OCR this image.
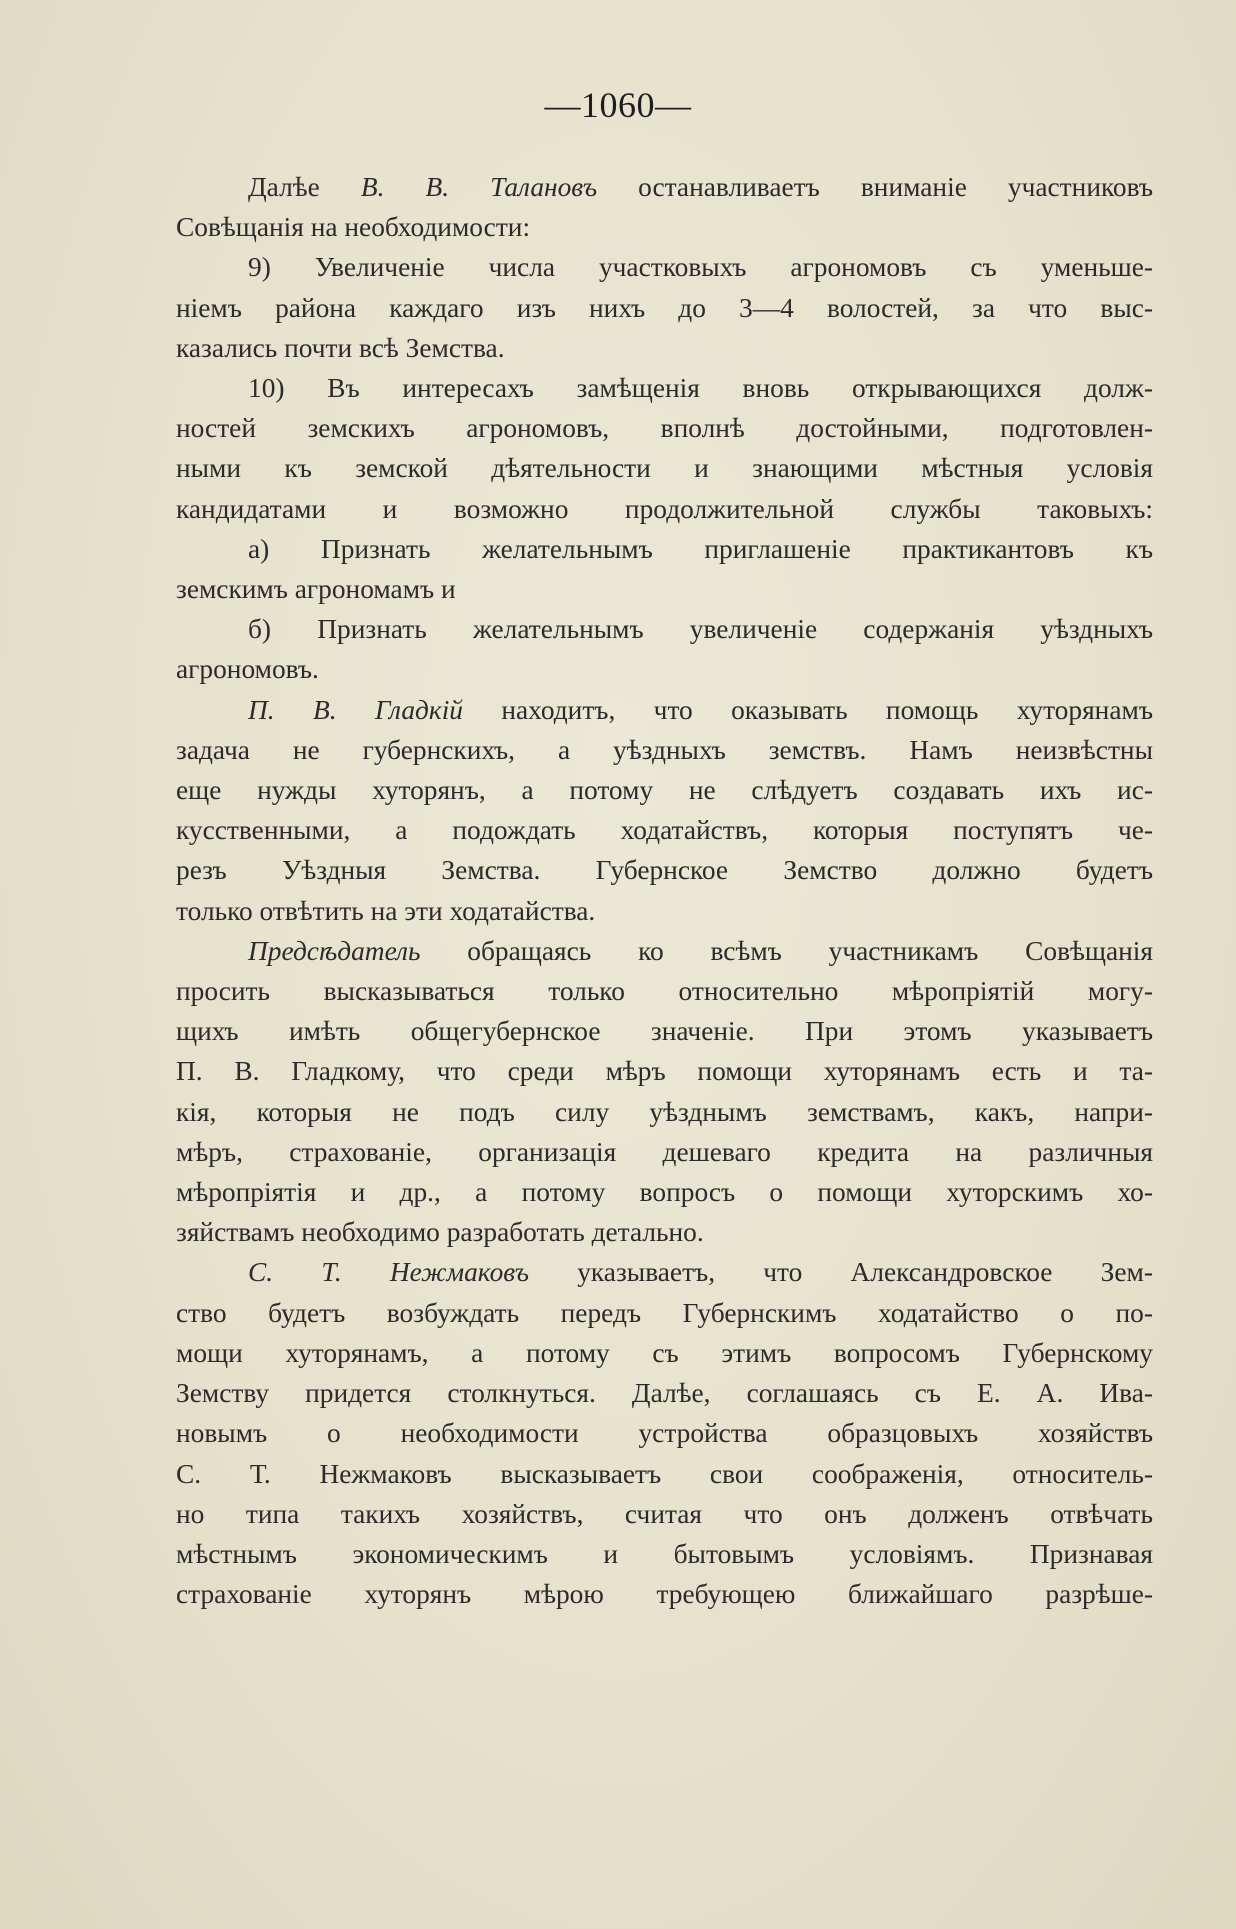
—1060—
Далѣе В. В. Талановъ останавливаетъ вниманіе участниковъ
Совѣщанія на необходимости:
9) Увеличеніе числа участковыхъ агрономовъ съ уменьше-
ніемъ района каждаго изъ нихъ до 3—4 волостей, за что выс-
казались почти всѣ Земства.
10) Въ интересахъ замѣщенія вновь открывающихся долж-
ностей земскихъ агрономовъ, вполнѣ достойными, подготовлен-
ными къ земской дѣятельности и знающими мѣстныя условія
кандидатами и возможно продолжительной службы таковыхъ:
а) Признать желательнымъ приглашеніе практикантовъ къ
земскимъ агрономамъ и
б) Признать желательнымъ увеличеніе содержанія уѣздныхъ
агрономовъ.
П. В. Гладкій находитъ, что оказывать помощь хуторянамъ
задача не губернскихъ, а уѣздныхъ земствъ. Намъ неизвѣстны
еще нужды хуторянъ, а потому не слѣдуетъ создавать ихъ ис-
кусственными, а подождать ходатайствъ, которыя поступятъ че-
резъ Уѣздныя Земства. Губернское Земство должно будетъ
только отвѣтить на эти ходатайства.
Предсѣдатель обращаясь ко всѣмъ участникамъ Совѣщанія
просить высказываться только относительно мѣропріятій могу-
щихъ имѣть общегубернское значеніе. При этомъ указываетъ
П. В. Гладкому, что среди мѣръ помощи хуторянамъ есть и та-
кія, которыя не подъ силу уѣзднымъ земствамъ, какъ, напри-
мѣръ, страхованіе, организація дешеваго кредита на различныя
мѣропріятія и др., а потому вопросъ о помощи хуторскимъ хо-
зяйствамъ необходимо разработать детально.
С. Т. Нежмаковъ указываетъ, что Александровское Зем-
ство будетъ возбуждать передъ Губернскимъ ходатайство о по-
мощи хуторянамъ, а потому съ этимъ вопросомъ Губернскому
Земству придется столкнуться. Далѣе, соглашаясь съ Е. А. Ива-
новымъ о необходимости устройства образцовыхъ хозяйствъ
С. Т. Нежмаковъ высказываетъ свои соображенія, относитель-
но типа такихъ хозяйствъ, считая что онъ долженъ отвѣчать
мѣстнымъ экономическимъ и бытовымъ условіямъ. Признавая
страхованіе хуторянъ мѣрою требующею ближайшаго разрѣше-
